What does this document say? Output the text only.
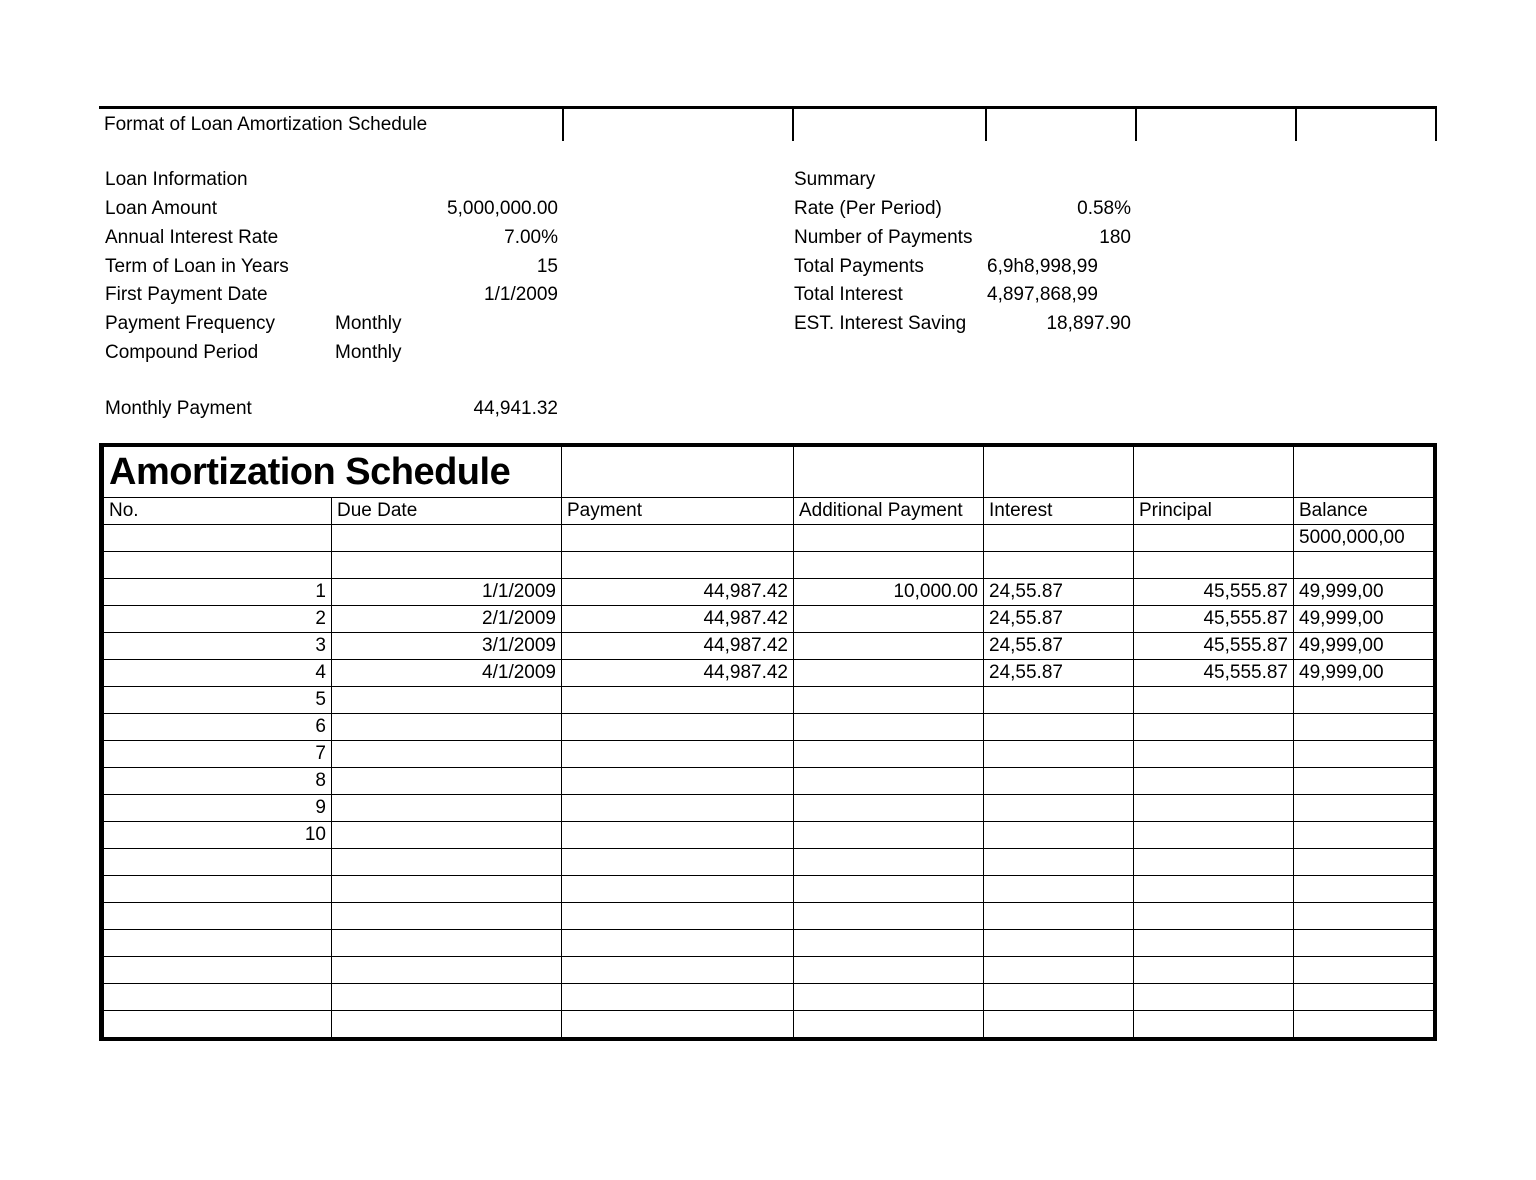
Format of Loan Amortization Schedule
Loan Information
Loan Amount	5,000,000.00
Annual Interest Rate	7.00%
Term of Loan in Years	15
First Payment Date	1/1/2009
Payment Frequency	Monthly
Compound Period	Monthly
Monthly Payment	44,941.32
Summary
Rate (Per Period)	0.58%
Number of Payments	180
Total Payments	6,9h8,998,99
Total Interest	4,897,868,99
EST. Interest Saving	18,897.90
Amortization Schedule						
No.	Due Date	Payment	Additional Payment	Interest	Principal	Balance
						5000,000,00

1	1/1/2009	44,987.42	10,000.00	24,55.87	45,555.87	49,999,00
2	2/1/2009	44,987.42		24,55.87	45,555.87	49,999,00
3	3/1/2009	44,987.42		24,55.87	45,555.87	49,999,00
4	4/1/2009	44,987.42		24,55.87	45,555.87	49,999,00
5						
6						
7						
8						
9						
10						
